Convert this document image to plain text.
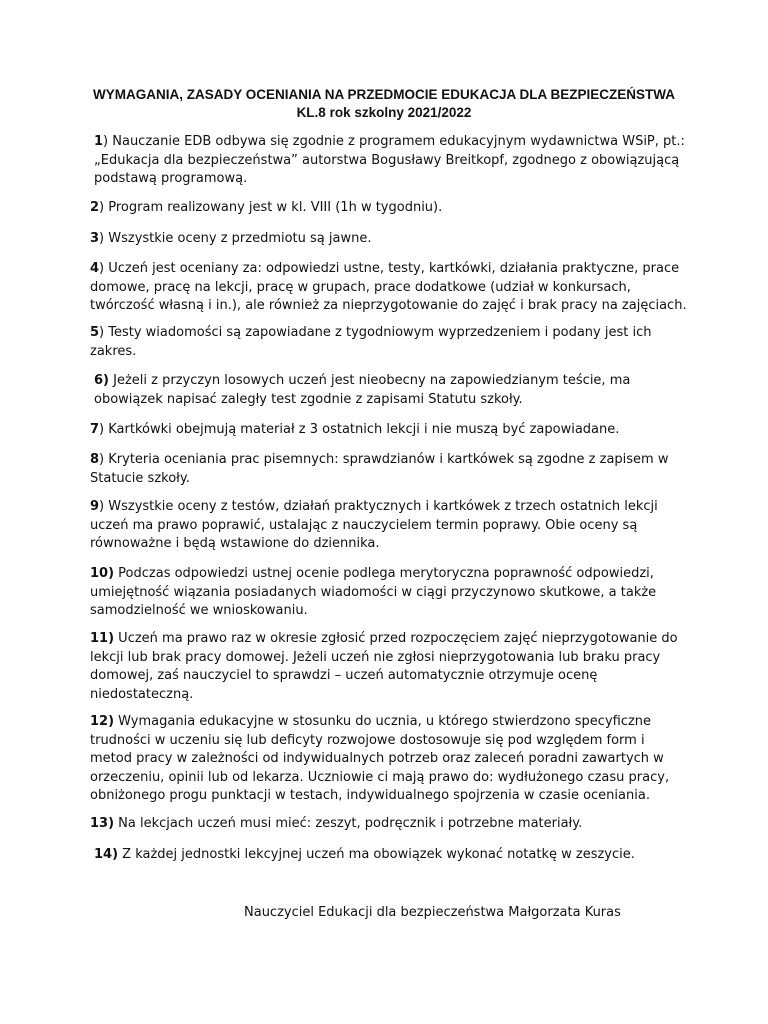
WYMAGANIA, ZASADY OCENIANIA NA PRZEDMOCIE EDUKACJA DLA BEZPIECZEŃSTWA
KL.8 rok szkolny 2021/2022

1) Nauczanie EDB odbywa się zgodnie z programem edukacyjnym wydawnictwa WSiP, pt.: „Edukacja dla bezpieczeństwa” autorstwa Bogusławy Breitkopf, zgodnego z obowiązującą podstawą programową.

2) Program realizowany jest w kl. VIII (1h w tygodniu).

3) Wszystkie oceny z przedmiotu są jawne.

4) Uczeń jest oceniany za: odpowiedzi ustne, testy, kartkówki, działania praktyczne, prace domowe, pracę na lekcji, pracę w grupach, prace dodatkowe (udział w konkursach, twórczość własną i in.), ale również za nieprzygotowanie do zajęć i brak pracy na zajęciach.

5) Testy wiadomości są zapowiadane z tygodniowym wyprzedzeniem i podany jest ich zakres.

6) Jeżeli z przyczyn losowych uczeń jest nieobecny na zapowiedzianym teście, ma obowiązek napisać zaległy test zgodnie z zapisami Statutu szkoły.

7) Kartkówki obejmują materiał z 3 ostatnich lekcji i nie muszą być zapowiadane.

8) Kryteria oceniania prac pisemnych: sprawdzianów i kartkówek są zgodne z zapisem w Statucie szkoły.

9) Wszystkie oceny z testów, działań praktycznych i kartkówek z trzech ostatnich lekcji uczeń ma prawo poprawić, ustalając z nauczycielem termin poprawy. Obie oceny są równoważne i będą wstawione do dziennika.

10) Podczas odpowiedzi ustnej ocenie podlega merytoryczna poprawność odpowiedzi, umiejętność wiązania posiadanych wiadomości w ciągi przyczynowo skutkowe, a także samodzielność we wnioskowaniu.

11) Uczeń ma prawo raz w okresie zgłosić przed rozpoczęciem zajęć nieprzygotowanie do lekcji lub brak pracy domowej. Jeżeli uczeń nie zgłosi nieprzygotowania lub braku pracy domowej, zaś nauczyciel to sprawdzi – uczeń automatycznie otrzymuje ocenę niedostateczną.

12) Wymagania edukacyjne w stosunku do ucznia, u którego stwierdzono specyficzne trudności w uczeniu się lub deficyty rozwojowe dostosowuje się pod względem form i metod pracy w zależności od indywidualnych potrzeb oraz zaleceń poradni zawartych w orzeczeniu, opinii lub od lekarza. Uczniowie ci mają prawo do: wydłużonego czasu pracy, obniżonego progu punktacji w testach, indywidualnego spojrzenia w czasie oceniania.

13) Na lekcjach uczeń musi mieć: zeszyt, podręcznik i potrzebne materiały.

14) Z każdej jednostki lekcyjnej uczeń ma obowiązek wykonać notatkę w zeszycie.

Nauczyciel Edukacji dla bezpieczeństwa Małgorzata Kuras
